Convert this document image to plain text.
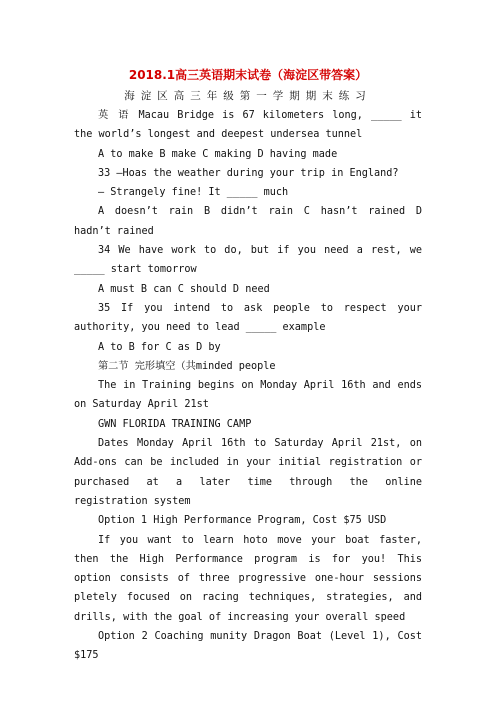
2018.1高三英语期末试卷（海淀区带答案）
海淀区高三年级第一学期期末练习

英 语 Macau Bridge is 67 kilometers long, _____ it the world’s longest and deepest undersea tunnel

A to make B make C making D having made

33 —Hoas the weather during your trip in England?

— Strangely fine! It _____ much

A doesn’t rain B didn’t rain C hasn’t rained D hadn’t rained

34 We have work to do, but if you need a rest, we _____ start tomorrow

A must B can C should D need

35 If you intend to ask people to respect your authority, you need to lead _____ example

A to B for C as D by

第二节 完形填空（共minded people

The in Training begins on Monday April 16th and ends on Saturday April 21st

GWN FLORIDA TRAINING CAMP

Dates Monday April 16th to Saturday April 21st, on Add-ons can be included in your initial registration or purchased at a later time through the online registration system

Option 1 High Performance Program, Cost $75 USD

If you want to learn hoto move your boat faster, then the High Performance program is for you! This option consists of three progressive one-hour sessions pletely focused on racing techniques, strategies, and drills, with the goal of increasing your overall speed

Option 2 Coaching munity Dragon Boat (Level 1), Cost $175
